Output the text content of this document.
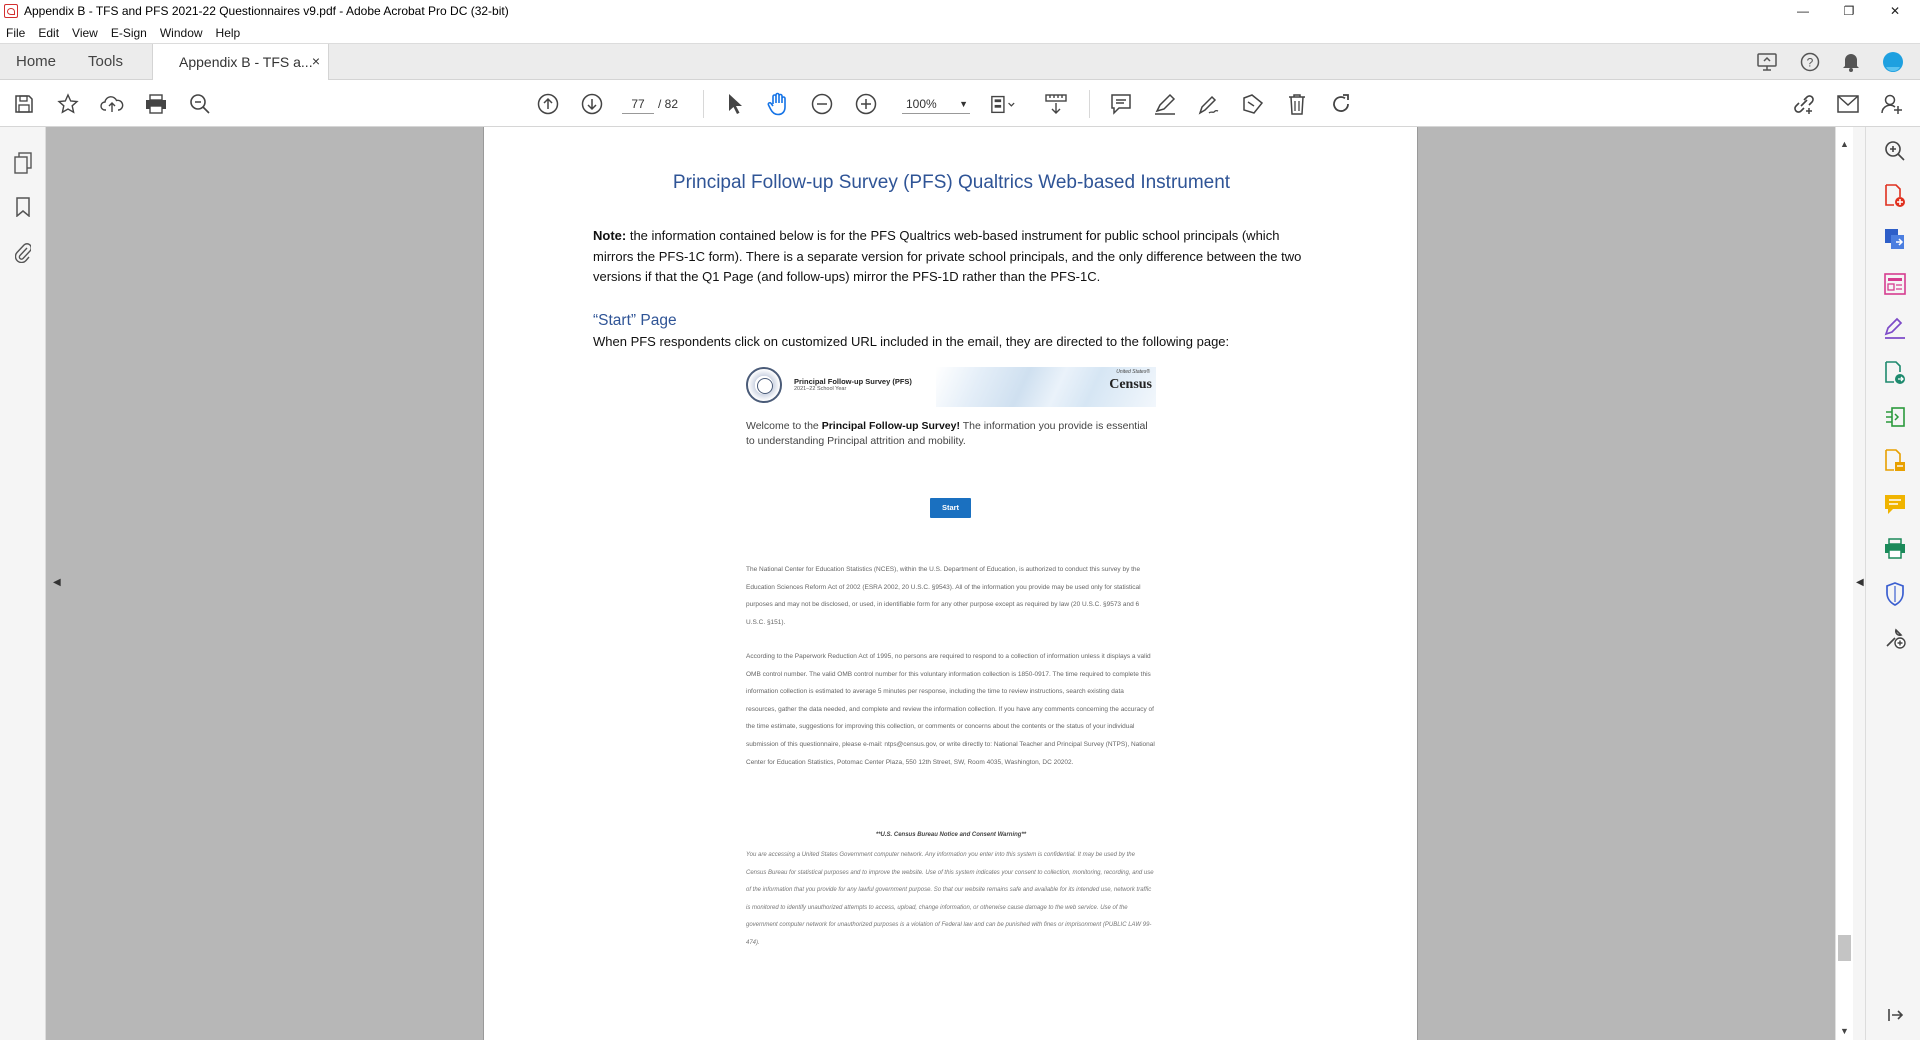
Appendix B - TFS and PFS 2021-22 Questionnaires v9.pdf - Adobe Acrobat Pro DC (32-bit)	—	❐	✕
File Edit View E-Sign Window Help
Home Tools	Appendix B - TFS a... ×	?
77	/ 82	100% ▼
◀
Principal Follow-up Survey (PFS) Qualtrics Web-based Instrument
Note: the information contained below is for the PFS Qualtrics web-based instrument for public school principals (which mirrors the PFS-1C form). There is a separate version for private school principals, and the only difference between the two versions if that the Q1 Page (and follow-ups) mirror the PFS-1D rather than the PFS-1C.
“Start” Page
When PFS respondents click on customized URL included in the email, they are directed to the following page:
Principal Follow-up Survey (PFS)
2021–22 School Year
United States®
Census
Welcome to the Principal Follow-up Survey! The information you provide is essential to understanding Principal attrition and mobility.
Start
The National Center for Education Statistics (NCES), within the U.S. Department of Education, is authorized to conduct this survey by the Education Sciences Reform Act of 2002 (ESRA 2002, 20 U.S.C. §9543). All of the information you provide may be used only for statistical purposes and may not be disclosed, or used, in identifiable form for any other purpose except as required by law (20 U.S.C. §9573 and 6 U.S.C. §151).
According to the Paperwork Reduction Act of 1995, no persons are required to respond to a collection of information unless it displays a valid OMB control number. The valid OMB control number for this voluntary information collection is 1850-0917. The time required to complete this information collection is estimated to average 5 minutes per response, including the time to review instructions, search existing data resources, gather the data needed, and complete and review the information collection. If you have any comments concerning the accuracy of the time estimate, suggestions for improving this collection, or comments or concerns about the contents or the status of your individual submission of this questionnaire, please e-mail: ntps@census.gov, or write directly to: National Teacher and Principal Survey (NTPS), National Center for Education Statistics, Potomac Center Plaza, 550 12th Street, SW, Room 4035, Washington, DC 20202.
**U.S. Census Bureau Notice and Consent Warning**
You are accessing a United States Government computer network. Any information you enter into this system is confidential. It may be used by the Census Bureau for statistical purposes and to improve the website. Use of this system indicates your consent to collection, monitoring, recording, and use of the information that you provide for any lawful government purpose. So that our website remains safe and available for its intended use, network traffic is monitored to identify unauthorized attempts to access, upload, change information, or otherwise cause damage to the web service. Use of the government computer network for unauthorized purposes is a violation of Federal law and can be punished with fines or imprisonment (PUBLIC LAW 99-474).
▲
▼
◀
